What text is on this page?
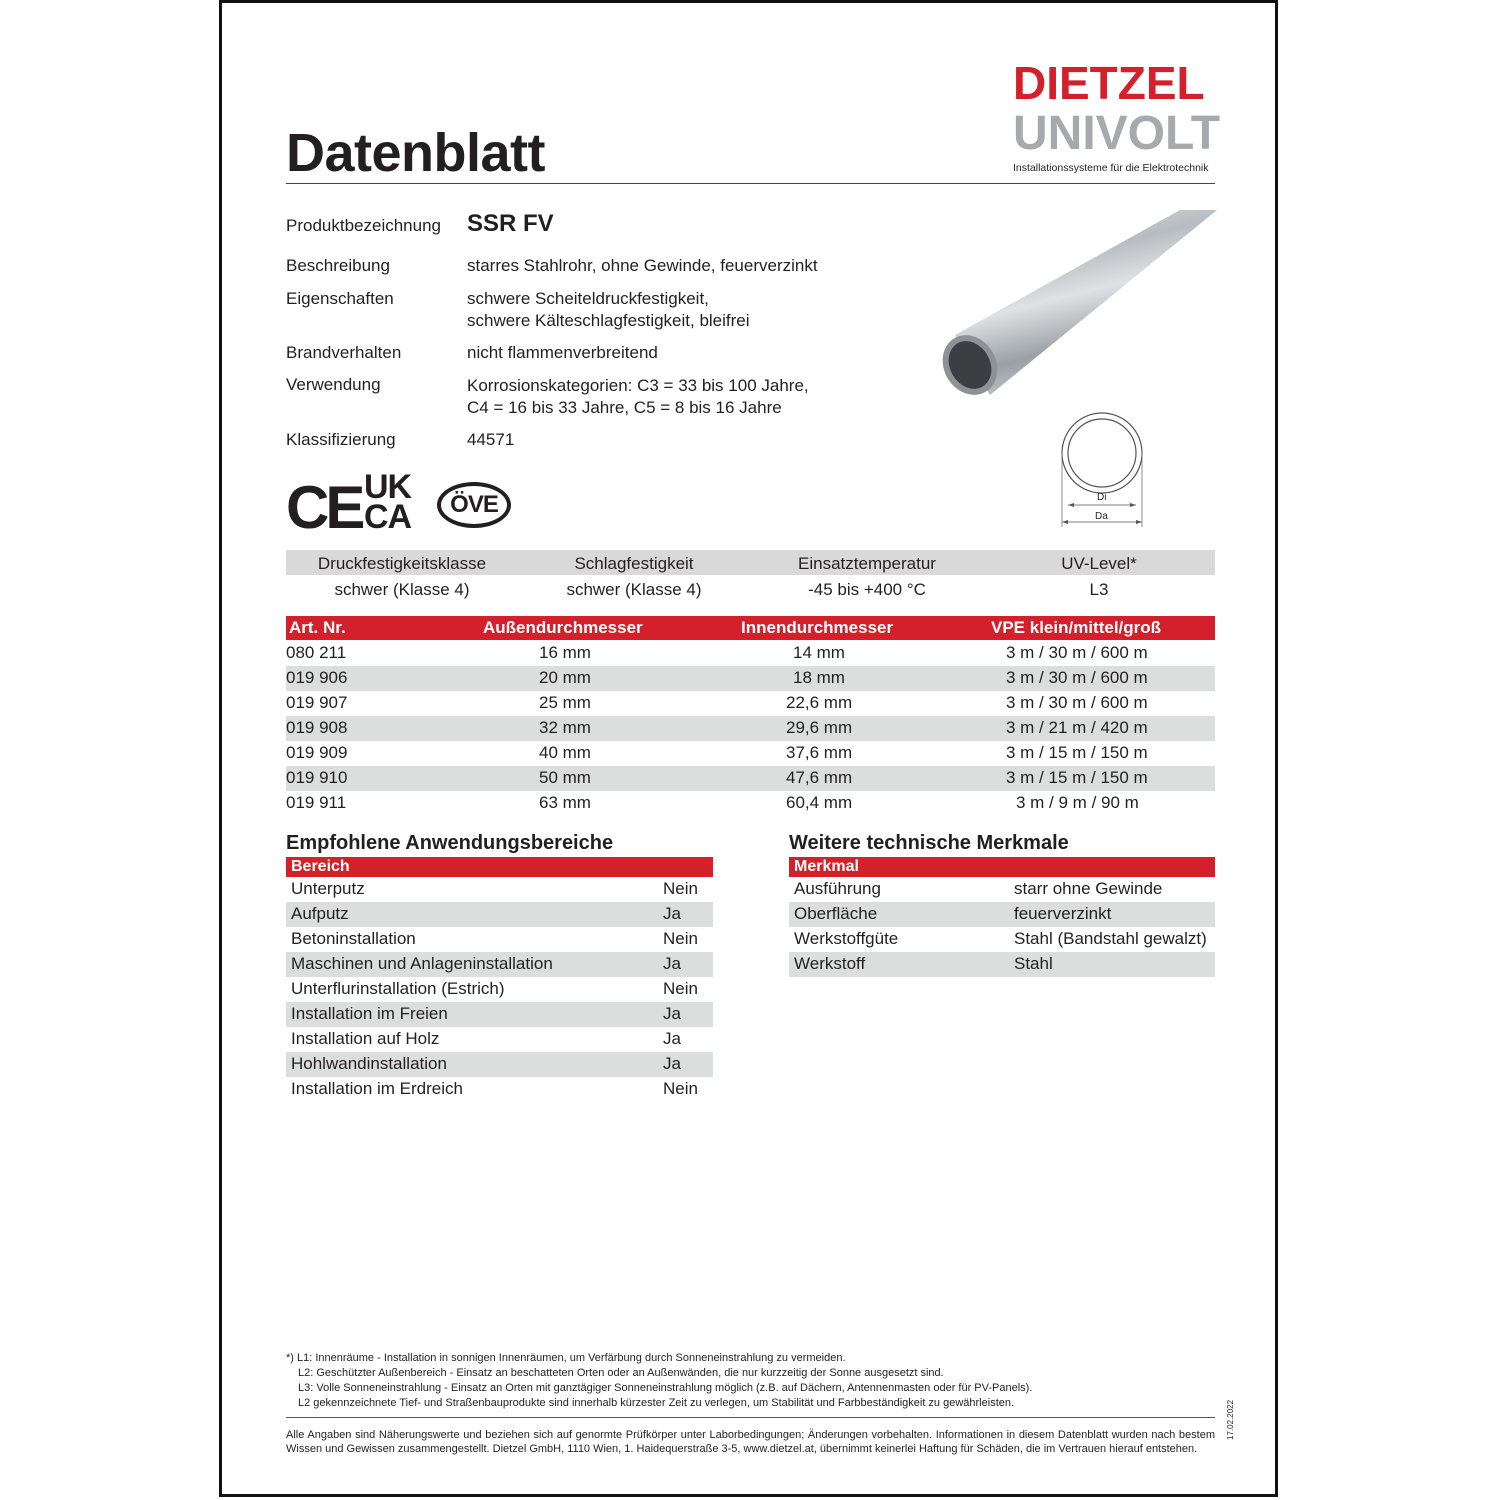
Datenblatt
DIETZEL
UNIVOLT
Installationssysteme für die Elektrotechnik
Produktbezeichnung SSR FV
Beschreibung	starres Stahlrohr, ohne Gewinde, feuerverzinkt
Eigenschaften	schwere Scheiteldruckfestigkeit,
schwere Kälteschlagfestigkeit, bleifrei
Brandverhalten	nicht flammenverbreitend
Verwendung	Korrosionskategorien: C3 = 33 bis 100 Jahre,
C4 = 16 bis 33 Jahre, C5 = 8 bis 16 Jahre
Klassifizierung	44571
Di
Da
CE UK
CA	ÖVE
Druckfestigkeitsklasse	Schlagfestigkeit	Einsatztemperatur	UV-Level*
schwer (Klasse 4)	schwer (Klasse 4)	-45 bis +400 °C	L3
Art. Nr.	Außendurchmesser	Innendurchmesser	VPE klein/mittel/groß
080 211	16 mm	14 mm	3 m / 30 m / 600 m
019 906	20 mm	18 mm	3 m / 30 m / 600 m
019 907	25 mm	22,6 mm	3 m / 30 m / 600 m
019 908	32 mm	29,6 mm	3 m / 21 m / 420 m
019 909	40 mm	37,6 mm	3 m / 15 m / 150 m
019 910	50 mm	47,6 mm	3 m / 15 m / 150 m
019 911	63 mm	60,4 mm	3 m / 9 m / 90 m
Empfohlene Anwendungsbereiche
Bereich
Unterputz	Nein
Aufputz	Ja
Betoninstallation	Nein
Maschinen und Anlageninstallation	Ja
Unterflurinstallation (Estrich)	Nein
Installation im Freien	Ja
Installation auf Holz	Ja
Hohlwandinstallation	Ja
Installation im Erdreich	Nein
Weitere technische Merkmale
Merkmal
Ausführung	starr ohne Gewinde
Oberfläche	feuerverzinkt
Werkstoffgüte	Stahl (Bandstahl gewalzt)
Werkstoff	Stahl
*) L1: Innenräume - Installation in sonnigen Innenräumen, um Verfärbung durch Sonneneinstrahlung zu vermeiden.
L2: Geschützter Außenbereich - Einsatz an beschatteten Orten oder an Außenwänden, die nur kurzzeitig der Sonne ausgesetzt sind.
L3: Volle Sonneneinstrahlung - Einsatz an Orten mit ganztägiger Sonneneinstrahlung möglich (z.B. auf Dächern, Antennenmasten oder für PV-Panels).
L2 gekennzeichnete Tief- und Straßenbauprodukte sind innerhalb kürzester Zeit zu verlegen, um Stabilität und Farbbeständigkeit zu gewährleisten.
Alle Angaben sind Näherungswerte und beziehen sich auf genormte Prüfkörper unter Laborbedingungen; Änderungen vorbehalten. Informationen in diesem Datenblatt wurden nach bestem Wissen und Gewissen zusammengestellt. Dietzel GmbH, 1110 Wien, 1. Haidequerstraße 3-5, www.dietzel.at, übernimmt keinerlei Haftung für Schäden, die im Vertrauen hierauf entstehen.
17.02.2022
